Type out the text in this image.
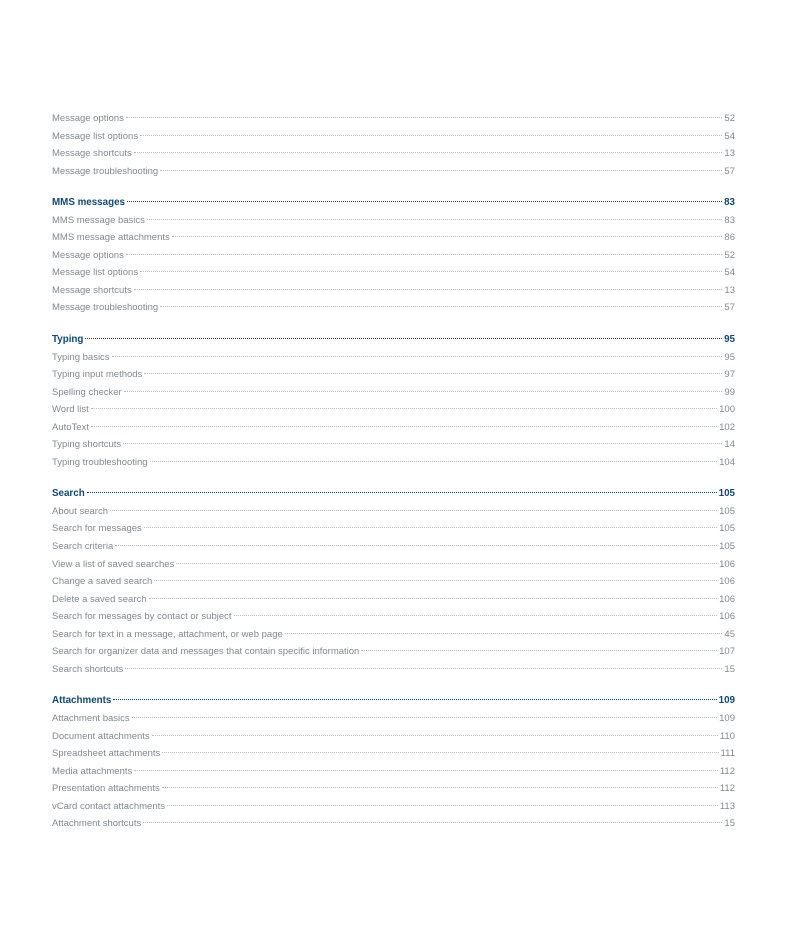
Message options	52
Message list options	54
Message shortcuts	13
Message troubleshooting	57
MMS messages	83
MMS message basics	83
MMS message attachments	86
Message options	52
Message list options	54
Message shortcuts	13
Message troubleshooting	57
Typing	95
Typing basics	95
Typing input methods	97
Spelling checker	99
Word list	100
AutoText	102
Typing shortcuts	14
Typing troubleshooting	104
Search	105
About search	105
Search for messages	105
Search criteria	105
View a list of saved searches	106
Change a saved search	106
Delete a saved search	106
Search for messages by contact or subject	106
Search for text in a message, attachment, or web page	45
Search for organizer data and messages that contain specific information	107
Search shortcuts	15
Attachments	109
Attachment basics	109
Document attachments	110
Spreadsheet attachments	111
Media attachments	112
Presentation attachments	112
vCard contact attachments	113
Attachment shortcuts	15
